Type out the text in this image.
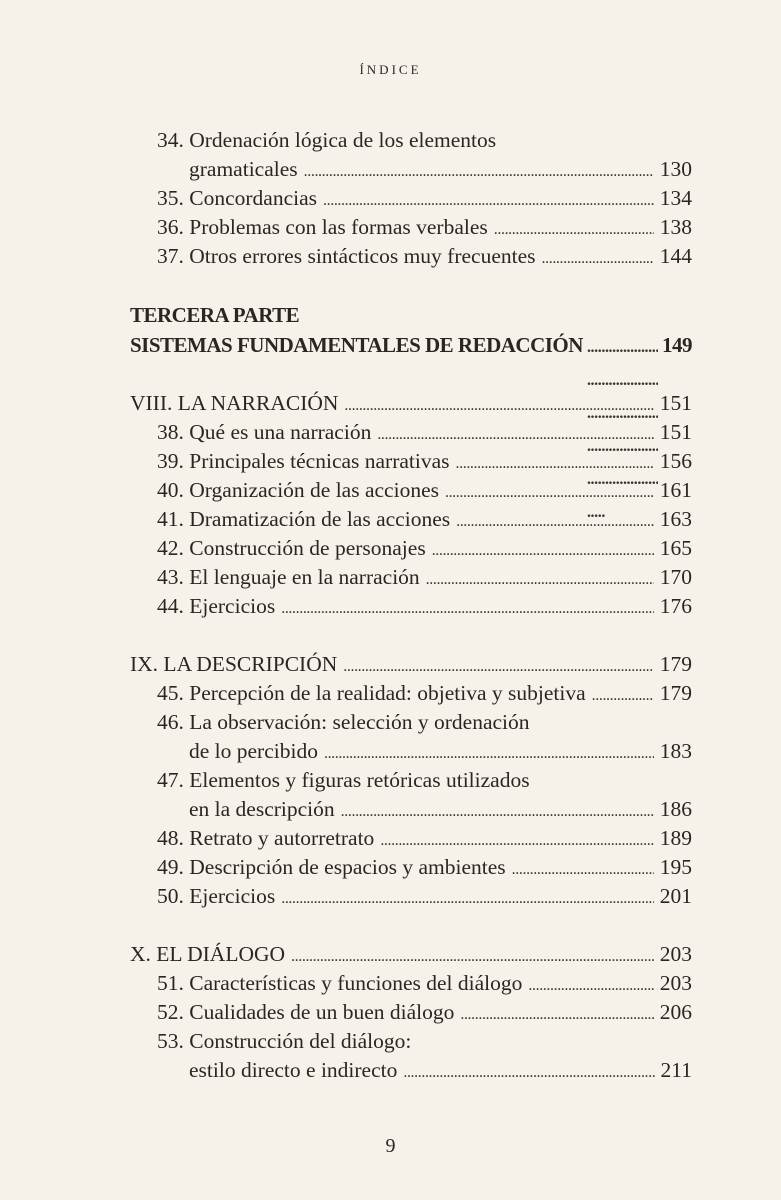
ÍNDICE
34. Ordenación lógica de los elementos
gramaticales . . .	130
35. Concordancias . . .	134
36. Problemas con las formas verbales . . .	138
37. Otros errores sintácticos muy frecuentes . . .	144
TERCERA PARTE
SISTEMAS FUNDAMENTALES DE REDACCIÓN . . .	149
VIII. LA NARRACIÓN . . .	151
38. Qué es una narración . . .	151
39. Principales técnicas narrativas . . .	156
40. Organización de las acciones . . .	161
41. Dramatización de las acciones . . .	163
42. Construcción de personajes . . .	165
43. El lenguaje en la narración . . .	170
44. Ejercicios . . .	176
IX. LA DESCRIPCIÓN . . .	179
45. Percepción de la realidad: objetiva y subjetiva . . .	179
46. La observación: selección y ordenación
de lo percibido . . .	183
47. Elementos y figuras retóricas utilizados
en la descripción . . .	186
48. Retrato y autorretrato . . .	189
49. Descripción de espacios y ambientes . . .	195
50. Ejercicios . . .	201
X. EL DIÁLOGO . . .	203
51. Características y funciones del diálogo . . .	203
52. Cualidades de un buen diálogo . . .	206
53. Construcción del diálogo:
estilo directo e indirecto . . .	211
9
